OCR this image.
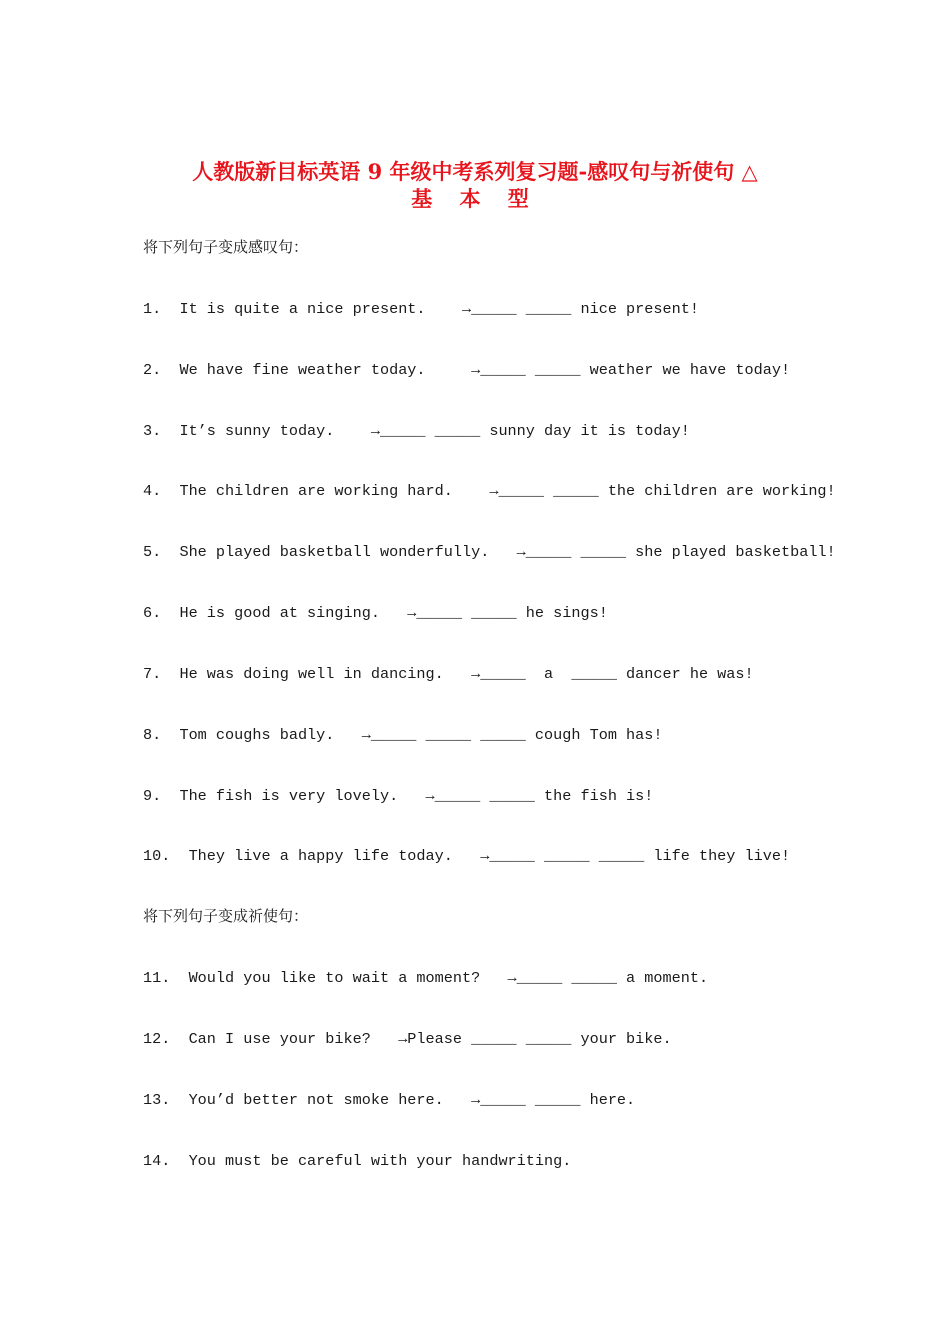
人教版新目标英语 9 年级中考系列复习题-感叹句与祈使句 △
基 本 型
将下列句子变成感叹句：
1.  It is quite a nice present.    →_____ _____ nice present!
2.  We have fine weather today.     →_____ _____ weather we have today!
3.  It’s sunny today.    →_____ _____ sunny day it is today!
4.  The children are working hard.    →_____ _____ the children are working!
5.  She played basketball wonderfully.   →_____ _____ she played basketball!
6.  He is good at singing.   →_____ _____ he sings!
7.  He was doing well in dancing.   →_____  a  _____ dancer he was!
8.  Tom coughs badly.   →_____ _____ _____ cough Tom has!
9.  The fish is very lovely.   →_____ _____ the fish is!
10.  They live a happy life today.   →_____ _____ _____ life they live!
将下列句子变成祈使句：
11.  Would you like to wait a moment?   →_____ _____ a moment.
12.  Can I use your bike?   →Please _____ _____ your bike.
13.  You’d better not smoke here.   →_____ _____ here.
14.  You must be careful with your handwriting.
